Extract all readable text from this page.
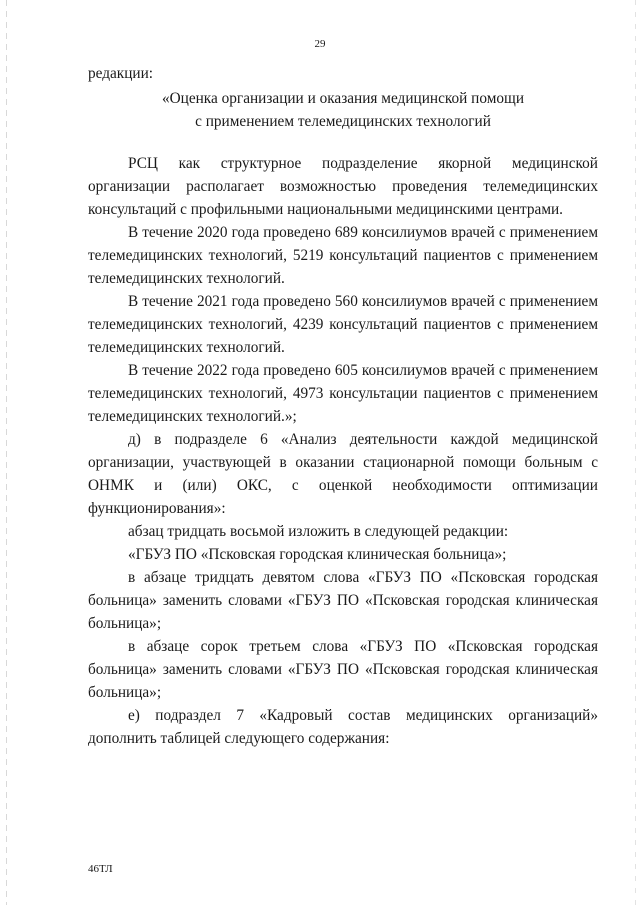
29
редакции:
«Оценка организации и оказания медицинской помощи
с применением телемедицинских технологий

РСЦ как структурное подразделение якорной медицинской организации располагает возможностью проведения телемедицинских консультаций с профильными национальными медицинскими центрами.

В течение 2020 года проведено 689 консилиумов врачей с применением телемедицинских технологий, 5219 консультаций пациентов с применением телемедицинских технологий.

В течение 2021 года проведено 560 консилиумов врачей с применением телемедицинских технологий, 4239 консультаций пациентов с применением телемедицинских технологий.

В течение 2022 года проведено 605 консилиумов врачей с применением телемедицинских технологий, 4973 консультации пациентов с применением телемедицинских технологий.»;

д) в подразделе 6 «Анализ деятельности каждой медицинской организации, участвующей в оказании стационарной помощи больным с ОНМК и (или) ОКС, с оценкой необходимости оптимизации функционирования»:

абзац тридцать восьмой изложить в следующей редакции:

«ГБУЗ ПО «Псковская городская клиническая больница»;

в абзаце тридцать девятом слова «ГБУЗ ПО «Псковская городская больница» заменить словами «ГБУЗ ПО «Псковская городская клиническая больница»;

в абзаце сорок третьем слова «ГБУЗ ПО «Псковская городская больница» заменить словами «ГБУЗ ПО «Псковская городская клиническая больница»;

е) подраздел 7 «Кадровый состав медицинских организаций» дополнить таблицей следующего содержания:

46ТЛ
